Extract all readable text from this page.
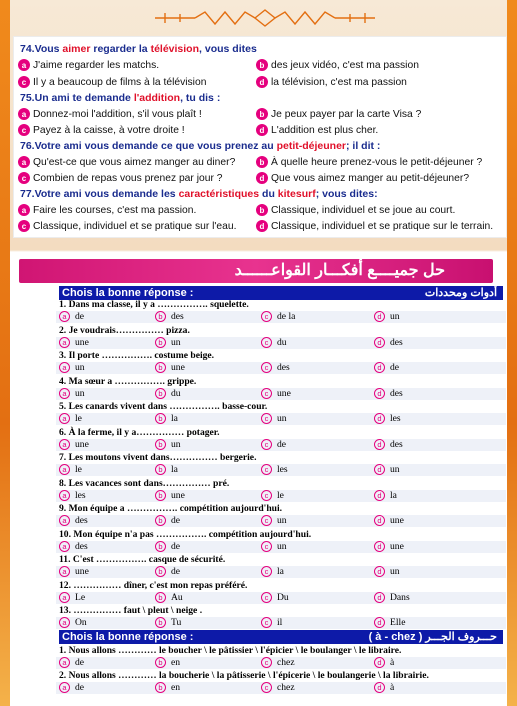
74.Vous aimer regarder la télévision, vous dites
a J'aime regarder les matchs.	b des jeux vidéo, c'est ma passion
c Il y a beaucoup de films à la télévision	d la télévision, c'est ma passion
75.Un ami te demande l'addition, tu dis :
a Donnez-moi l'addition, s'il vous plaît !	b Je peux payer par la carte Visa ?
c Payez à la caisse, à votre droite !	d L'addition est plus cher.
76.Votre ami vous demande ce que vous prenez au petit-déjeuner; il dit :
a Qu'est-ce que vous aimez manger au diner?	b À quelle heure prenez-vous le petit-déjeuner ?
c Combien de repas vous prenez par jour ?	d Que vous aimez manger au petit-déjeuner?
77.Votre ami vous demande les caractéristiques du kitesurf; vous dites:
a Faire les courses, c'est ma passion.	b Classique, individuel et se joue au court.
c Classique, individuel et se pratique sur l'eau.	d Classique, individuel et se pratique sur le terrain.
حل جميــــع أفكـــار القواعــــــد
Chois la bonne réponse :	أدوات ومحددات
1. Dans ma classe, il y a ……………. squelette.
a de	b des	c de la	d un
2. Je voudrais…………… pizza.
a une	b un	c du	d des
3. Il porte ……………. costume beige.
a un	b une	c des	d de
4. Ma sœur a ……………. grippe.
a un	b du	c une	d des
5. Les canards vivent dans ……………. basse-cour.
a le	b la	c un	d les
6. À la ferme, il y a…………… potager.
a une	b un	c de	d des
7. Les moutons vivent dans…………… bergerie.
a le	b la	c les	d un
8. Les vacances sont dans…………… pré.
a les	b une	c le	d la
9. Mon équipe a ……………. compétition aujourd'hui.
a des	b de	c un	d une
10. Mon équipe n'a pas ……………. compétition aujourd'hui.
a des	b de	c un	d une
11. C'est ……………. casque de sécurité.
a une	b de	c la	d un
12. …………… dîner, c'est mon repas préféré.
a Le	b Au	c Du	d Dans
13. …………… faut \ pleut \ neige .
a On	b Tu	c il	d Elle
Chois la bonne réponse :	حـــروف الجـــر ( à - chez )
1. Nous allons ………… le boucher \ le pâtissier \ l'épicier \ le boulanger \ le libraire.
a de	b en	c chez	d à
2. Nous allons ………… la boucherie \ la pâtisserie \ l'épicerie \ le boulangerie \ la librairie.
a de	b en	c chez	d à
